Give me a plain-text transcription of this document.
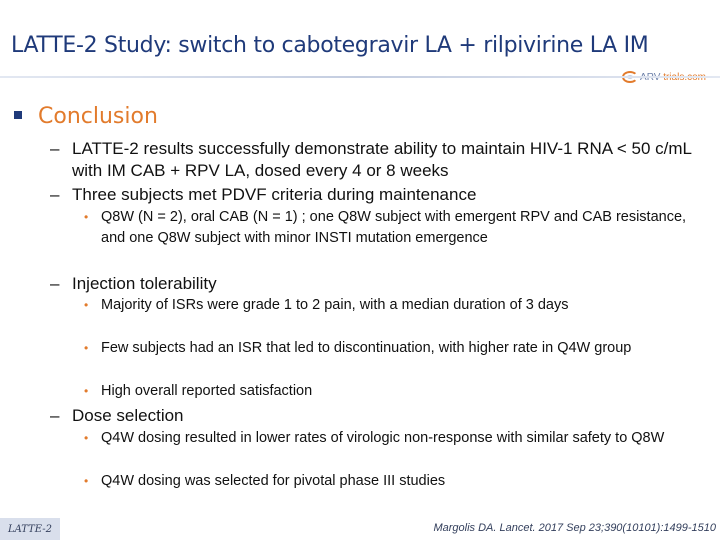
LATTE-2 Study: switch to cabotegravir LA + rilpivirine LA IM
Conclusion
– LATTE-2 results successfully demonstrate ability to maintain HIV-1 RNA < 50 c/mL with IM CAB + RPV LA, dosed every 4 or 8 weeks
– Three subjects met PDVF criteria during maintenance
• Q8W (N = 2), oral CAB (N = 1) ; one Q8W subject with emergent RPV and CAB resistance, and one Q8W subject with minor INSTI mutation emergence
– Injection tolerability
• Majority of ISRs were grade 1 to 2 pain, with a median duration of 3 days
• Few subjects had an ISR that led to discontinuation, with higher rate in Q4W group
• High overall reported satisfaction
– Dose selection
• Q4W dosing resulted in lower rates of virologic non-response with similar safety to Q8W
• Q4W dosing was selected for pivotal phase III studies
LATTE-2	Margolis DA. Lancet. 2017 Sep 23;390(10101):1499-1510
